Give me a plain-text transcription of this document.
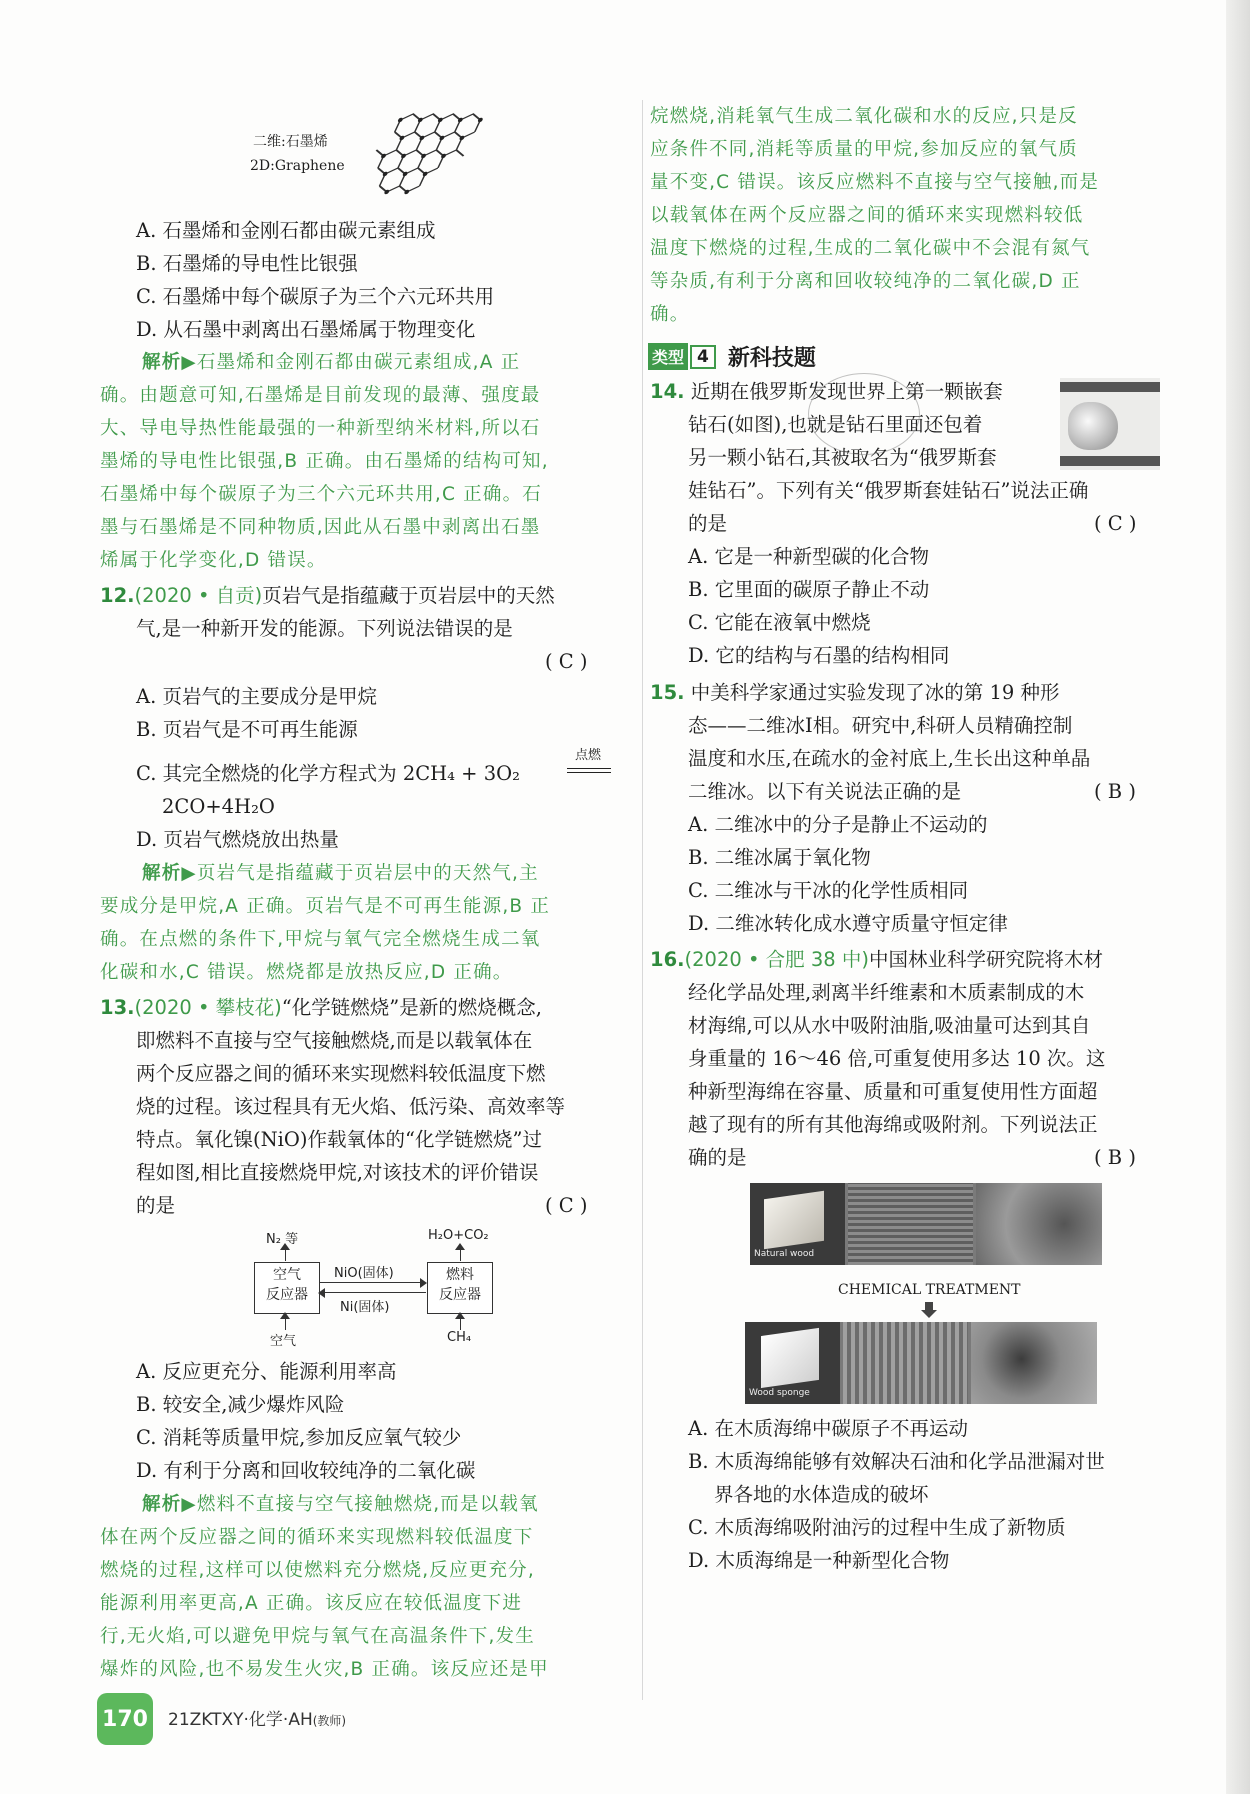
二维:石墨烯
2D:Graphene
A. 石墨烯和金刚石都由碳元素组成
B. 石墨烯的导电性比银强
C. 石墨烯中每个碳原子为三个六元环共用
D. 从石墨中剥离出石墨烯属于物理变化
解析▶石墨烯和金刚石都由碳元素组成,A 正
确。由题意可知,石墨烯是目前发现的最薄、强度最
大、导电导热性能最强的一种新型纳米材料,所以石
墨烯的导电性比银强,B 正确。由石墨烯的结构可知,
石墨烯中每个碳原子为三个六元环共用,C 正确。石
墨与石墨烯是不同种物质,因此从石墨中剥离出石墨
烯属于化学变化,D 错误。
12.(2020 • 自贡)页岩气是指蕴藏于页岩层中的天然
气,是一种新开发的能源。下列说法错误的是
( C )
A. 页岩气的主要成分是甲烷
B. 页岩气是不可再生能源
C. 其完全燃烧的化学方程式为 2CH₄ + 3O₂
点燃
2CO+4H₂O
D. 页岩气燃烧放出热量
解析▶页岩气是指蕴藏于页岩层中的天然气,主
要成分是甲烷,A 正确。页岩气是不可再生能源,B 正
确。在点燃的条件下,甲烷与氧气完全燃烧生成二氧
化碳和水,C 错误。燃烧都是放热反应,D 正确。
13.(2020 • 攀枝花)“化学链燃烧”是新的燃烧概念,
即燃料不直接与空气接触燃烧,而是以载氧体在
两个反应器之间的循环来实现燃料较低温度下燃
烧的过程。该过程具有无火焰、低污染、高效率等
特点。氧化镍(NiO)作载氧体的“化学链燃烧”过
程如图,相比直接燃烧甲烷,对该技术的评价错误
的是	( C )
N₂ 等	H₂O+CO₂
空气
反应器
燃料
反应器
NiO(固体)
Ni(固体)
空气	CH₄
A. 反应更充分、能源利用率高
B. 较安全,减少爆炸风险
C. 消耗等质量甲烷,参加反应氧气较少
D. 有利于分离和回收较纯净的二氧化碳
解析▶燃料不直接与空气接触燃烧,而是以载氧
体在两个反应器之间的循环来实现燃料较低温度下
燃烧的过程,这样可以使燃料充分燃烧,反应更充分,
能源利用率更高,A 正确。该反应在较低温度下进
行,无火焰,可以避免甲烷与氧气在高温条件下,发生
爆炸的风险,也不易发生火灾,B 正确。该反应还是甲
烷燃烧,消耗氧气生成二氧化碳和水的反应,只是反
应条件不同,消耗等质量的甲烷,参加反应的氧气质
量不变,C 错误。该反应燃料不直接与空气接触,而是
以载氧体在两个反应器之间的循环来实现燃料较低
温度下燃烧的过程,生成的二氧化碳中不会混有氮气
等杂质,有利于分离和回收较纯净的二氧化碳,D 正
确。
类型 4 新科技题
14. 近期在俄罗斯发现世界上第一颗嵌套
钻石(如图),也就是钻石里面还包着
另一颗小钻石,其被取名为“俄罗斯套
娃钻石”。下列有关“俄罗斯套娃钻石”说法正确
的是	( C )
A. 它是一种新型碳的化合物
B. 它里面的碳原子静止不动
C. 它能在液氧中燃烧
D. 它的结构与石墨的结构相同
15. 中美科学家通过实验发现了冰的第 19 种形
态——二维冰Ⅰ相。研究中,科研人员精确控制
温度和水压,在疏水的金衬底上,生长出这种单晶
二维冰。以下有关说法正确的是	( B )
A. 二维冰中的分子是静止不运动的
B. 二维冰属于氧化物
C. 二维冰与干冰的化学性质相同
D. 二维冰转化成水遵守质量守恒定律
16.(2020 • 合肥 38 中)中国林业科学研究院将木材
经化学品处理,剥离半纤维素和木质素制成的木
材海绵,可以从水中吸附油脂,吸油量可达到其自
身重量的 16～46 倍,可重复使用多达 10 次。这
种新型海绵在容量、质量和可重复使用性方面超
越了现有的所有其他海绵或吸附剂。下列说法正
确的是	( B )
Natural wood
CHEMICAL TREATMENT
Wood sponge
A. 在木质海绵中碳原子不再运动
B. 木质海绵能够有效解决石油和化学品泄漏对世
界各地的水体造成的破坏
C. 木质海绵吸附油污的过程中生成了新物质
D. 木质海绵是一种新型化合物
170 21ZKTXY·化学·AH(教师)
